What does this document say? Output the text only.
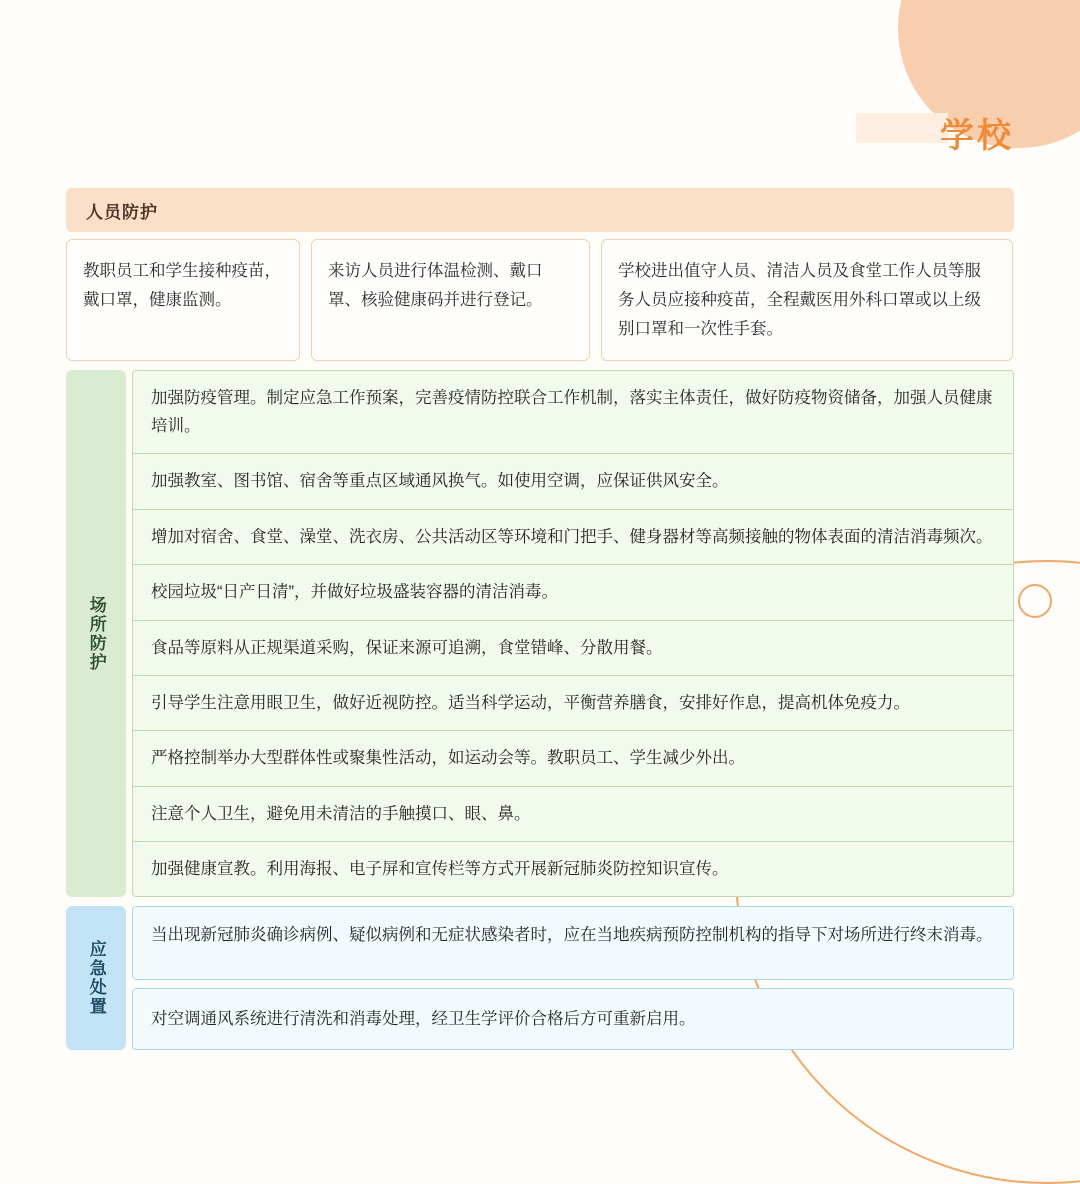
学校
人员防护
教职员工和学生接种疫苗，戴口罩，健康监测。
来访人员进行体温检测、戴口罩、核验健康码并进行登记。
学校进出值守人员、清洁人员及食堂工作人员等服务人员应接种疫苗，全程戴医用外科口罩或以上级别口罩和一次性手套。
场所防护
加强防疫管理。制定应急工作预案，完善疫情防控联合工作机制，落实主体责任，做好防疫物资储备，加强人员健康培训。
加强教室、图书馆、宿舍等重点区域通风换气。如使用空调，应保证供风安全。
增加对宿舍、食堂、澡堂、洗衣房、公共活动区等环境和门把手、健身器材等高频接触的物体表面的清洁消毒频次。
校园垃圾“日产日清”，并做好垃圾盛装容器的清洁消毒。
食品等原料从正规渠道采购，保证来源可追溯，食堂错峰、分散用餐。
引导学生注意用眼卫生，做好近视防控。适当科学运动，平衡营养膳食，安排好作息，提高机体免疫力。
严格控制举办大型群体性或聚集性活动，如运动会等。教职员工、学生减少外出。
注意个人卫生，避免用未清洁的手触摸口、眼、鼻。
加强健康宣教。利用海报、电子屏和宣传栏等方式开展新冠肺炎防控知识宣传。
应急处置
当出现新冠肺炎确诊病例、疑似病例和无症状感染者时，应在当地疾病预防控制机构的指导下对场所进行终末消毒。
对空调通风系统进行清洗和消毒处理，经卫生学评价合格后方可重新启用。
